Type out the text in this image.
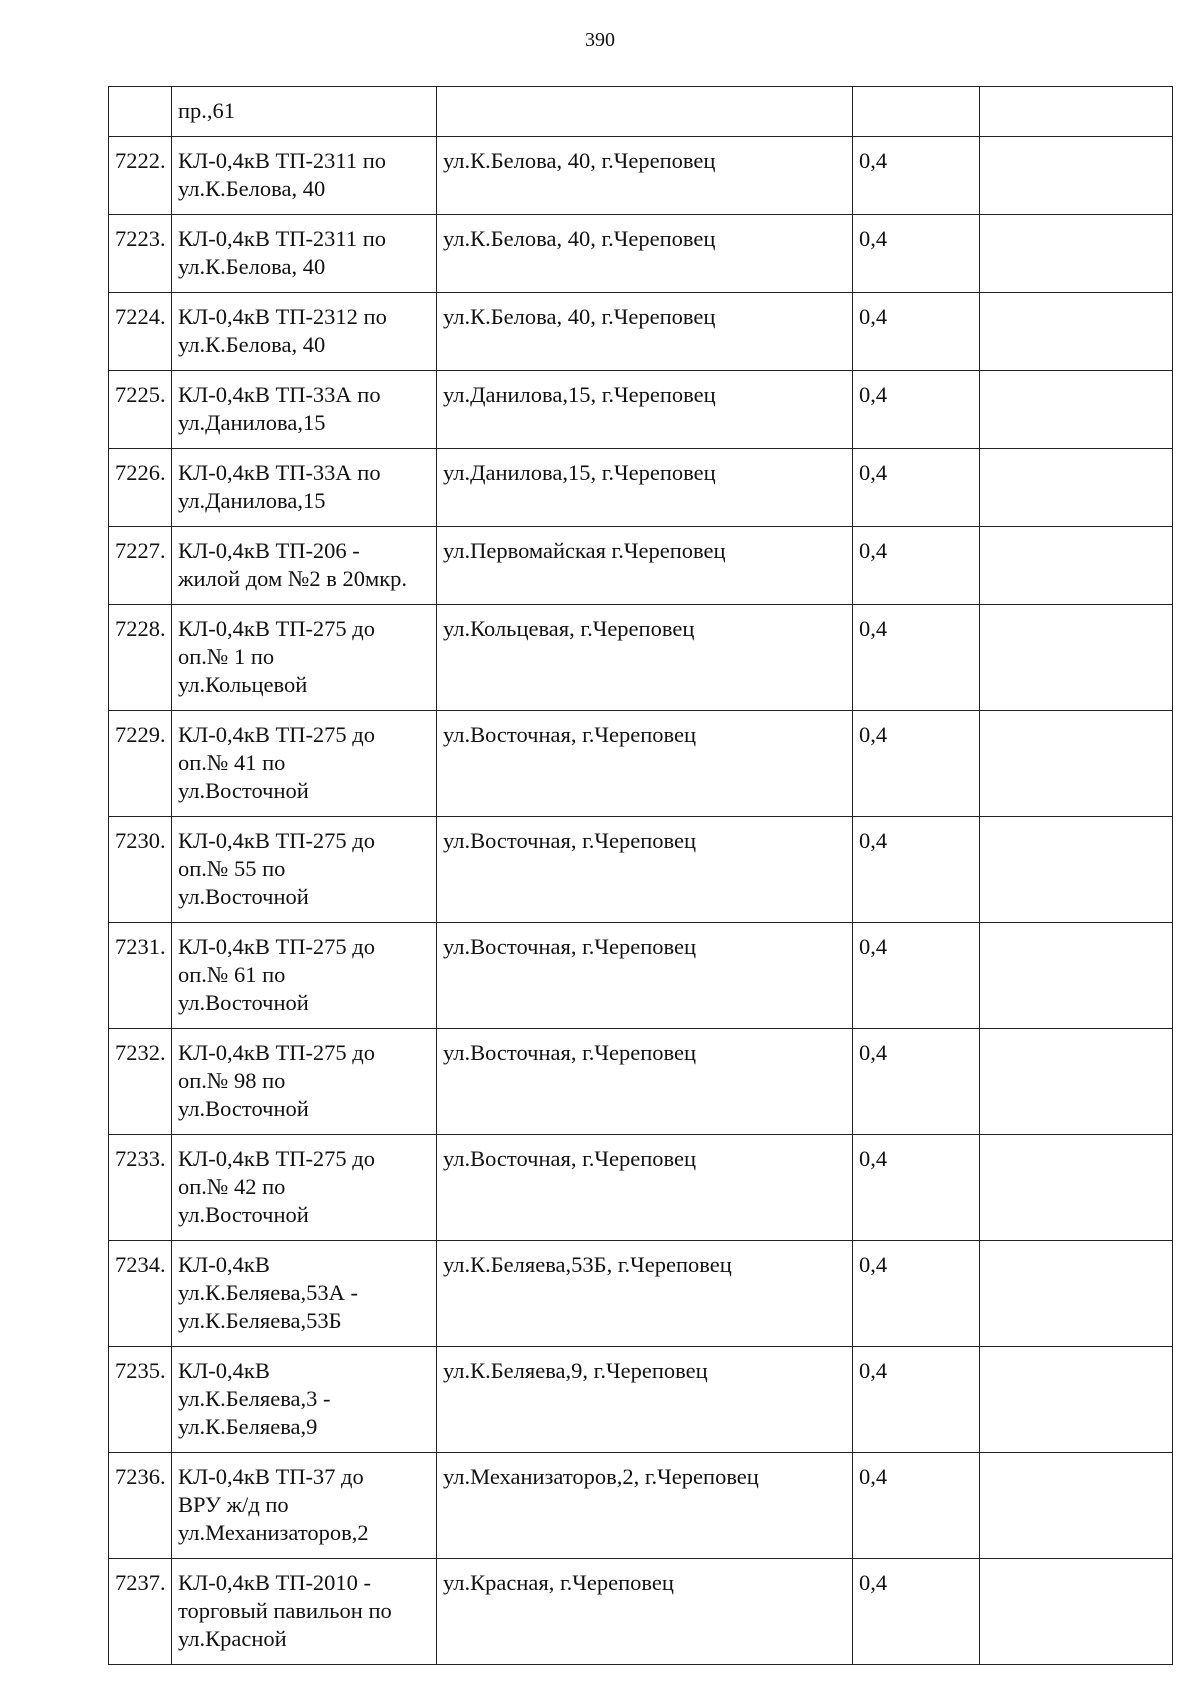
390
	пр.,61			
7222.	КЛ-0,4кВ ТП-2311 по
ул.К.Белова, 40	ул.К.Белова, 40, г.Череповец	0,4	
7223.	КЛ-0,4кВ ТП-2311 по
ул.К.Белова, 40	ул.К.Белова, 40, г.Череповец	0,4	
7224.	КЛ-0,4кВ ТП-2312 по
ул.К.Белова, 40	ул.К.Белова, 40, г.Череповец	0,4	
7225.	КЛ-0,4кВ ТП-33А по
ул.Данилова,15	ул.Данилова,15, г.Череповец	0,4	
7226.	КЛ-0,4кВ ТП-33А по
ул.Данилова,15	ул.Данилова,15, г.Череповец	0,4	
7227.	КЛ-0,4кВ ТП-206 -
жилой дом №2 в 20мкр.	ул.Первомайская г.Череповец	0,4	
7228.	КЛ-0,4кВ ТП-275 до
оп.№ 1 по
ул.Кольцевой	ул.Кольцевая, г.Череповец	0,4	
7229.	КЛ-0,4кВ ТП-275 до
оп.№ 41 по
ул.Восточной	ул.Восточная, г.Череповец	0,4	
7230.	КЛ-0,4кВ ТП-275 до
оп.№ 55 по
ул.Восточной	ул.Восточная, г.Череповец	0,4	
7231.	КЛ-0,4кВ ТП-275 до
оп.№ 61 по
ул.Восточной	ул.Восточная, г.Череповец	0,4	
7232.	КЛ-0,4кВ ТП-275 до
оп.№ 98 по
ул.Восточной	ул.Восточная, г.Череповец	0,4	
7233.	КЛ-0,4кВ ТП-275 до
оп.№ 42 по
ул.Восточной	ул.Восточная, г.Череповец	0,4	
7234.	КЛ-0,4кВ
ул.К.Беляева,53А -
ул.К.Беляева,53Б	ул.К.Беляева,53Б, г.Череповец	0,4	
7235.	КЛ-0,4кВ
ул.К.Беляева,3 -
ул.К.Беляева,9	ул.К.Беляева,9, г.Череповец	0,4	
7236.	КЛ-0,4кВ ТП-37 до
ВРУ ж/д по
ул.Механизаторов,2	ул.Механизаторов,2, г.Череповец	0,4	
7237.	КЛ-0,4кВ ТП-2010 -
торговый павильон по
ул.Красной	ул.Красная, г.Череповец	0,4	
